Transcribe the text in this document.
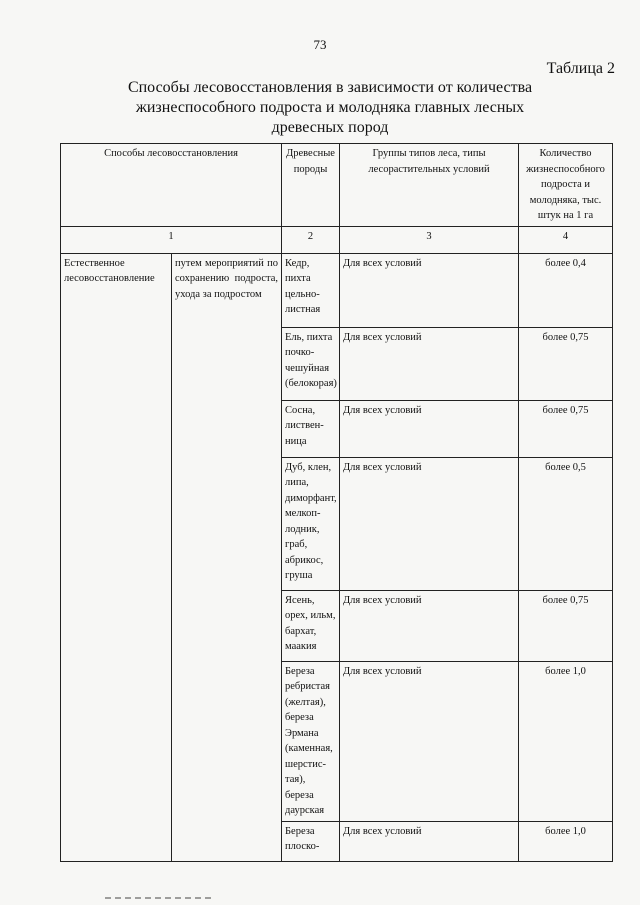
73
Таблица 2
Способы лесовосстановления в зависимости от количества
жизнеспособного подроста и молодняка главных лесных
древесных пород
Способы лесовосстановления		Древесные породы	Группы типов леса, типы лесорастительных условий	Количество жизнеспособного подроста и молодняка, тыс. штук на 1 га
1		2	3	4
Естественное лесовосстановление	путем мероприятий по сохранению подроста, ухода за подростом	Кедр, пихта цельно-листная	Для всех условий	более 0,4
		Ель, пихта почко-чешуйная (белокорая)	Для всех условий	более 0,75
		Сосна, листвен-ница	Для всех условий	более 0,75
		Дуб, клен, липа, диморфант, мелкоп-лодник, граб, абрикос, груша	Для всех условий	более 0,5
		Ясень, орех, ильм, бархат, маакия	Для всех условий	более 0,75
		Береза ребристая (желтая), береза Эрмана (каменная, шерстис-тая), береза даурская	Для всех условий	более 1,0
		Береза плоско-	Для всех условий	более 1,0
